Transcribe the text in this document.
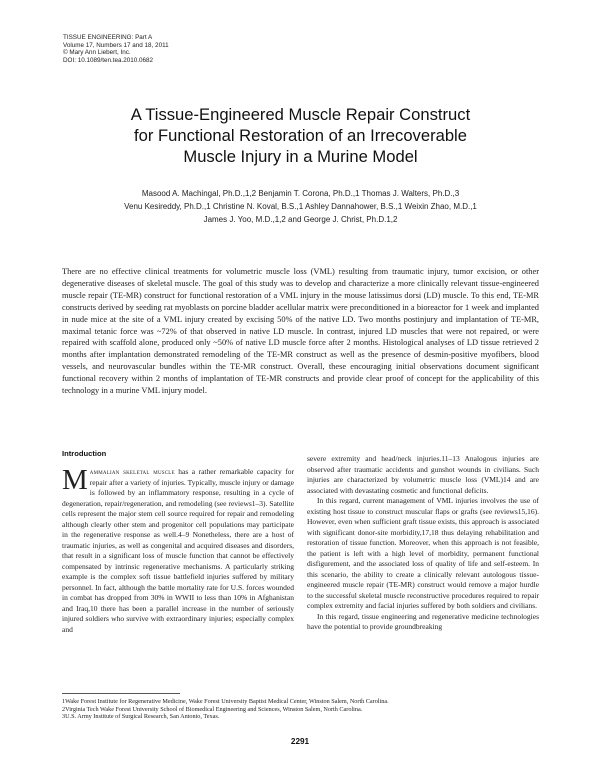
TISSUE ENGINEERING: Part A
Volume 17, Numbers 17 and 18, 2011
© Mary Ann Liebert, Inc.
DOI: 10.1089/ten.tea.2010.0682
A Tissue-Engineered Muscle Repair Construct
for Functional Restoration of an Irrecoverable
Muscle Injury in a Murine Model
Masood A. Machingal, Ph.D.,1,2 Benjamin T. Corona, Ph.D.,1 Thomas J. Walters, Ph.D.,3
Venu Kesireddy, Ph.D.,1 Christine N. Koval, B.S.,1 Ashley Dannahower, B.S.,1 Weixin Zhao, M.D.,1
James J. Yoo, M.D.,1,2 and George J. Christ, Ph.D.1,2
There are no effective clinical treatments for volumetric muscle loss (VML) resulting from traumatic injury, tumor excision, or other degenerative diseases of skeletal muscle. The goal of this study was to develop and characterize a more clinically relevant tissue-engineered muscle repair (TE-MR) construct for functional restoration of a VML injury in the mouse latissimus dorsi (LD) muscle. To this end, TE-MR constructs derived by seeding rat myoblasts on porcine bladder acellular matrix were preconditioned in a bioreactor for 1 week and implanted in nude mice at the site of a VML injury created by excising 50% of the native LD. Two months postinjury and implantation of TE-MR, maximal tetanic force was ~72% of that observed in native LD muscle. In contrast, injured LD muscles that were not repaired, or were repaired with scaffold alone, produced only ~50% of native LD muscle force after 2 months. Histological analyses of LD tissue retrieved 2 months after implantation demonstrated remodeling of the TE-MR construct as well as the presence of desmin-positive myofibers, blood vessels, and neurovascular bundles within the TE-MR construct. Overall, these encouraging initial observations document significant functional recovery within 2 months of implantation of TE-MR constructs and provide clear proof of concept for the applicability of this technology in a murine VML injury model.
Introduction

Mammalian skeletal muscle has a rather remarkable capacity for repair after a variety of injuries. Typically, muscle injury or damage is followed by an inflammatory response, resulting in a cycle of degeneration, repair/regeneration, and remodeling (see reviews1–3). Satellite cells represent the major stem cell source required for repair and remodeling although clearly other stem and progenitor cell populations may participate in the regenerative response as well.4–9 Nonetheless, there are a host of traumatic injuries, as well as congenital and acquired diseases and disorders, that result in a significant loss of muscle function that cannot be effectively compensated by intrinsic regenerative mechanisms. A particularly striking example is the complex soft tissue battlefield injuries suffered by military personnel. In fact, although the battle mortality rate for U.S. forces wounded in combat has dropped from 30% in WWII to less than 10% in Afghanistan and Iraq,10 there has been a parallel increase in the number of seriously injured soldiers who survive with extraordinary injuries; especially complex and

severe extremity and head/neck injuries.11–13 Analogous injuries are observed after traumatic accidents and gunshot wounds in civilians. Such injuries are characterized by volumetric muscle loss (VML)14 and are associated with devastating cosmetic and functional deficits.

In this regard, current management of VML injuries involves the use of existing host tissue to construct muscular flaps or grafts (see reviews15,16). However, even when sufficient graft tissue exists, this approach is associated with significant donor-site morbidity,17,18 thus delaying rehabilitation and restoration of tissue function. Moreover, when this approach is not feasible, the patient is left with a high level of morbidity, permanent functional disfigurement, and the associated loss of quality of life and self-esteem. In this scenario, the ability to create a clinically relevant autologous tissue-engineered muscle repair (TE-MR) construct would remove a major hurdle to the successful skeletal muscle reconstructive procedures required to repair complex extremity and facial injuries suffered by both soldiers and civilians.

In this regard, tissue engineering and regenerative medicine technologies have the potential to provide groundbreaking

1Wake Forest Institute for Regenerative Medicine, Wake Forest University Baptist Medical Center, Winston Salem, North Carolina.
2Virginia Tech Wake Forest University School of Biomedical Engineering and Sciences, Winston Salem, North Carolina.
3U.S. Army Institute of Surgical Research, San Antonio, Texas.
2291
